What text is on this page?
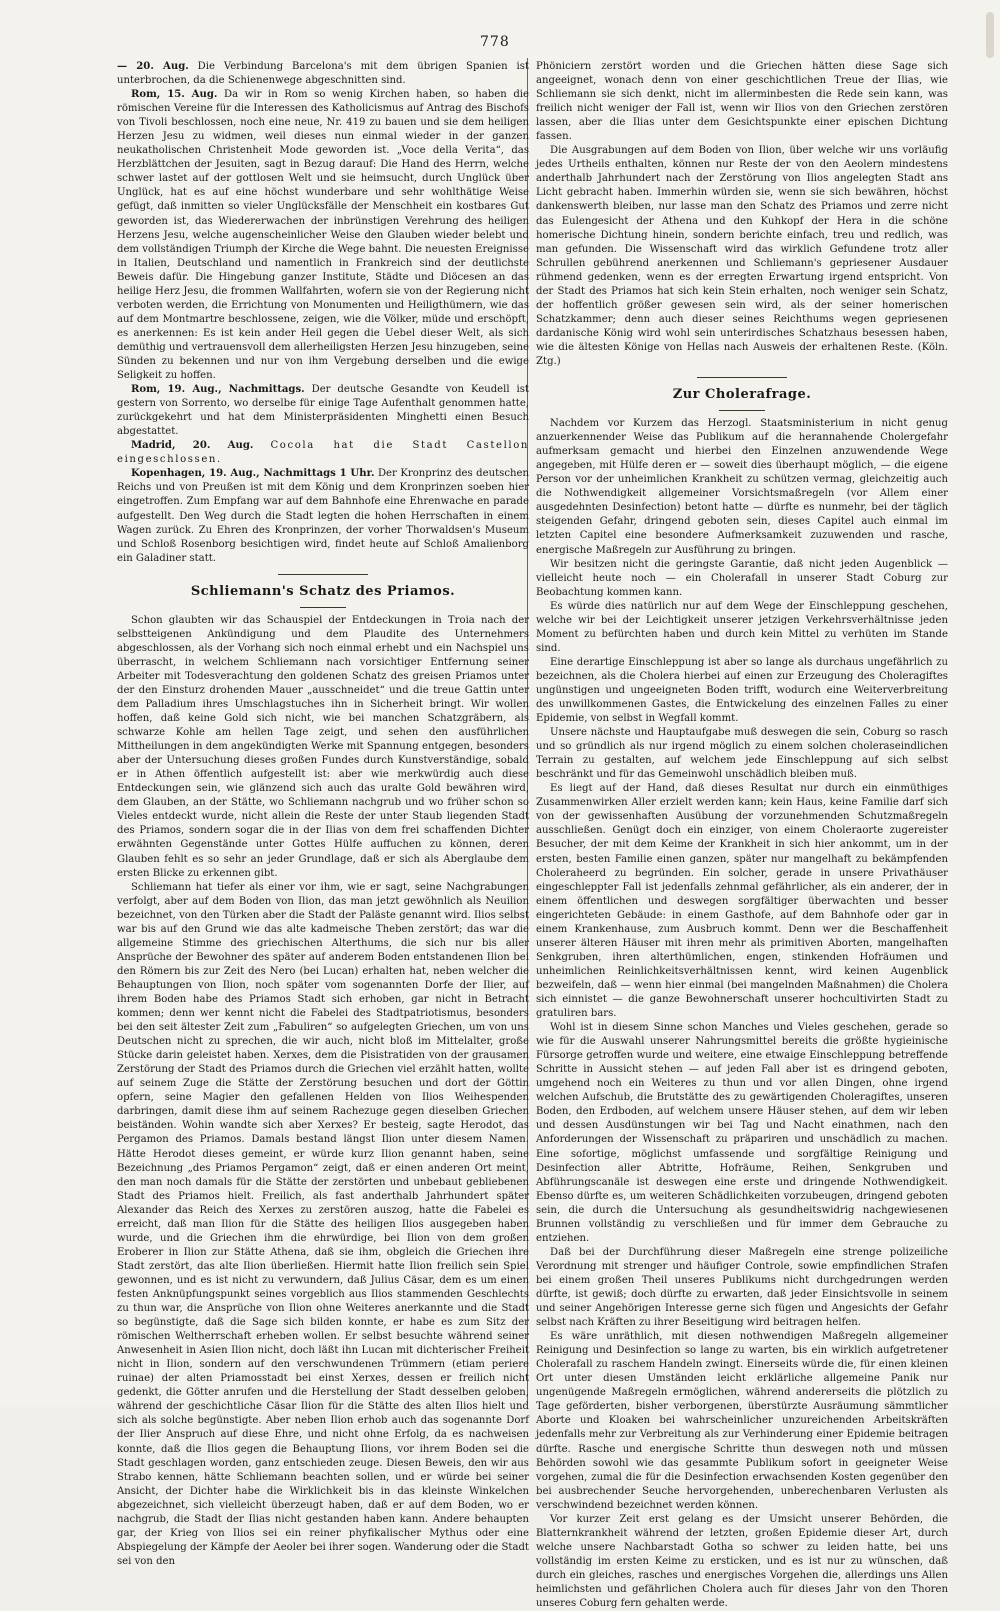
778

— 20. Aug. Die Verbindung Barcelona's mit dem übrigen Spanien ist unterbrochen, da die Schienenwege abgeschnitten sind.

Rom, 15. Aug. Da wir in Rom so wenig Kirchen haben, so haben die römischen Vereine für die Interessen des Katholicismus auf Antrag des Bischofs von Tivoli beschlossen, noch eine neue, Nr. 419 zu bauen und sie dem heiligen Herzen Jesu zu widmen, weil dieses nun einmal wieder in der ganzen neukatholischen Christenheit Mode geworden ist. „Voce della Verita“, das Herzblättchen der Jesuiten, sagt in Bezug darauf: Die Hand des Herrn, welche schwer lastet auf der gottlosen Welt und sie heimsucht, durch Unglück über Unglück, hat es auf eine höchst wunderbare und sehr wohlthätige Weise gefügt, daß inmitten so vieler Unglücksfälle der Menschheit ein kostbares Gut geworden ist, das Wiedererwachen der inbrünstigen Verehrung des heiligen Herzens Jesu, welche augenscheinlicher Weise den Glauben wieder belebt und dem vollständigen Triumph der Kirche die Wege bahnt. Die neuesten Ereignisse in Italien, Deutschland und namentlich in Frankreich sind der deutlichste Beweis dafür. Die Hingebung ganzer Institute, Städte und Diöcesen an das heilige Herz Jesu, die frommen Wallfahrten, wofern sie von der Regierung nicht verboten werden, die Errichtung von Monumenten und Heiligthümern, wie das auf dem Montmartre beschlossene, zeigen, wie die Völker, müde und erschöpft, es anerkennen: Es ist kein ander Heil gegen die Uebel dieser Welt, als sich demüthig und vertrauensvoll dem allerheiligsten Herzen Jesu hinzugeben, seine Sünden zu bekennen und nur von ihm Vergebung derselben und die ewige Seligkeit zu hoffen.

Rom, 19. Aug., Nachmittags. Der deutsche Gesandte von Keudell ist gestern von Sorrento, wo derselbe für einige Tage Aufenthalt genommen hatte, zurückgekehrt und hat dem Ministerpräsidenten Minghetti einen Besuch abgestattet.

Madrid, 20. Aug. Cocola hat die Stadt Castellon eingeschlossen.

Kopenhagen, 19. Aug., Nachmittags 1 Uhr. Der Kronprinz des deutschen Reichs und von Preußen ist mit dem König und dem Kronprinzen soeben hier eingetroffen. Zum Empfang war auf dem Bahnhofe eine Ehrenwache en parade aufgestellt. Den Weg durch die Stadt legten die hohen Herrschaften in einem Wagen zurück. Zu Ehren des Kronprinzen, der vorher Thorwaldsen's Museum und Schloß Rosenborg besichtigen wird, findet heute auf Schloß Amalienborg ein Galadiner statt.

Schliemann's Schatz des Priamos.

Schon glaubten wir das Schauspiel der Entdeckungen in Troia nach der selbstteigenen Ankündigung und dem Plaudite des Unternehmers abgeschlossen, als der Vorhang sich noch einmal erhebt und ein Nachspiel uns überrascht, in welchem Schliemann nach vorsichtiger Entfernung seiner Arbeiter mit Todesverachtung den goldenen Schatz des greisen Priamos unter der den Einsturz drohenden Mauer „ausschneidet“ und die treue Gattin unter dem Palladium ihres Umschlagstuches ihn in Sicherheit bringt. Wir wollen hoffen, daß keine Gold sich nicht, wie bei manchen Schatzgräbern, als schwarze Kohle am hellen Tage zeigt, und sehen den ausführlichen Mittheilungen in dem angekündigten Werke mit Spannung entgegen, besonders aber der Untersuchung dieses großen Fundes durch Kunstverständige, sobald er in Athen öffentlich aufgestellt ist: aber wie merkwürdig auch diese Entdeckungen sein, wie glänzend sich auch das uralte Gold bewähren wird, dem Glauben, an der Stätte, wo Schliemann nachgrub und wo früher schon so Vieles entdeckt wurde, nicht allein die Reste der unter Staub liegenden Stadt des Priamos, sondern sogar die in der Ilias von dem frei schaffenden Dichter erwähnten Gegenstände unter Gottes Hülfe auffuchen zu können, deren Glauben fehlt es so sehr an jeder Grundlage, daß er sich als Aberglaube dem ersten Blicke zu erkennen gibt.

Schliemann hat tiefer als einer vor ihm, wie er sagt, seine Nachgrabungen verfolgt, aber auf dem Boden von Ilion, das man jetzt gewöhnlich als Neuilion bezeichnet, von den Türken aber die Stadt der Paläste genannt wird. Ilios selbst war bis auf den Grund wie das alte kadmeische Theben zerstört; das war die allgemeine Stimme des griechischen Alterthums, die sich nur bis aller Ansprüche der Bewohner des später auf anderem Boden entstandenen Ilion bei den Römern bis zur Zeit des Nero (bei Lucan) erhalten hat, neben welcher die Behauptungen von Ilion, noch später vom sogenannten Dorfe der Ilier, auf ihrem Boden habe des Priamos Stadt sich erhoben, gar nicht in Betracht kommen; denn wer kennt nicht die Fabelei des Stadtpatriotismus, besonders bei den seit ältester Zeit zum „Fabuliren“ so aufgelegten Griechen, um von uns Deutschen nicht zu sprechen, die wir auch, nicht bloß im Mittelalter, große Stücke darin geleistet haben. Xerxes, dem die Pisistratiden von der grausamen Zerstörung der Stadt des Priamos durch die Griechen viel erzählt hatten, wollte auf seinem Zuge die Stätte der Zerstörung besuchen und dort der Göttin opfern, seine Magier den gefallenen Helden von Ilios Weihespenden darbringen, damit diese ihm auf seinem Rachezuge gegen dieselben Griechen beiständen. Wohin wandte sich aber Xerxes? Er besteig, sagte Herodot, das Pergamon des Priamos. Damals bestand längst Ilion unter diesem Namen. Hätte Herodot dieses gemeint, er würde kurz Ilion genannt haben, seine Bezeichnung „des Priamos Pergamon“ zeigt, daß er einen anderen Ort meint, den man noch damals für die Stätte der zerstörten und unbebaut gebliebenen Stadt des Priamos hielt. Freilich, als fast anderthalb Jahrhundert später Alexander das Reich des Xerxes zu zerstören auszog, hatte die Fabelei es erreicht, daß man Ilion für die Stätte des heiligen Ilios ausgegeben haben wurde, und die Griechen ihm die ehrwürdige, bei Ilion von dem großen Eroberer in Ilion zur Stätte Athena, daß sie ihm, obgleich die Griechen ihre Stadt zerstört, das alte Ilion überließen. Hiermit hatte Ilion freilich sein Spiel gewonnen, und es ist nicht zu verwundern, daß Julius Cäsar, dem es um einen festen Anknüpfungspunkt seines vorgeblich aus Ilios stammenden Geschlechts zu thun war, die Ansprüche von Ilion ohne Weiteres anerkannte und die Stadt so begünstigte, daß die Sage sich bilden konnte, er habe es zum Sitz der römischen Weltherrschaft erheben wollen. Er selbst besuchte während seiner Anwesenheit in Asien Ilion nicht, doch läßt ihn Lucan mit dichterischer Freiheit nicht in Ilion, sondern auf den verschwundenen Trümmern (etiam periere ruinae) der alten Priamosstadt bei einst Xerxes, dessen er freilich nicht gedenkt, die Götter anrufen und die Herstellung der Stadt desselben geloben, während der geschichtliche Cäsar Ilion für die Stätte des alten Ilios hielt und sich als solche begünstigte. Aber neben Ilion erhob auch das sogenannte Dorf der Ilier Anspruch auf diese Ehre, und nicht ohne Erfolg, da es nachweisen konnte, daß die Ilios gegen die Behauptung Ilions, vor ihrem Boden sei die Stadt geschlagen worden, ganz entschieden zeuge. Diesen Beweis, den wir aus Strabo kennen, hätte Schliemann beachten sollen, und er würde bei seiner Ansicht, der Dichter habe die Wirklichkeit bis in das kleinste Winkelchen abgezeichnet, sich vielleicht überzeugt haben, daß er auf dem Boden, wo er nachgrub, die Stadt der Ilias nicht gestanden haben kann. Andere behaupten gar, der Krieg von Ilios sei ein reiner phyfikalischer Mythus oder eine Abspiegelung der Kämpfe der Aeoler bei ihrer sogen. Wanderung oder die Stadt sei von den

Phöniciern zerstört worden und die Griechen hätten diese Sage sich angeeignet, wonach denn von einer geschichtlichen Treue der Ilias, wie Schliemann sie sich denkt, nicht im allerminbesten die Rede sein kann, was freilich nicht weniger der Fall ist, wenn wir Ilios von den Griechen zerstören lassen, aber die Ilias unter dem Gesichtspunkte einer epischen Dichtung fassen.

Die Ausgrabungen auf dem Boden von Ilion, über welche wir uns vorläufig jedes Urtheils enthalten, können nur Reste der von den Aeolern mindestens anderthalb Jahrhundert nach der Zerstörung von Ilios angelegten Stadt ans Licht gebracht haben. Immerhin würden sie, wenn sie sich bewähren, höchst dankenswerth bleiben, nur lasse man den Schatz des Priamos und zerre nicht das Eulengesicht der Athena und den Kuhkopf der Hera in die schöne homerische Dichtung hinein, sondern berichte einfach, treu und redlich, was man gefunden. Die Wissenschaft wird das wirklich Gefundene trotz aller Schrullen gebührend anerkennen und Schliemann's gepriesener Ausdauer rühmend gedenken, wenn es der erregten Erwartung irgend entspricht. Von der Stadt des Priamos hat sich kein Stein erhalten, noch weniger sein Schatz, der hoffentlich größer gewesen sein wird, als der seiner homerischen Schatzkammer; denn auch dieser seines Reichthums wegen gepriesenen dardanische König wird wohl sein unterirdisches Schatzhaus besessen haben, wie die ältesten Könige von Hellas nach Ausweis der erhaltenen Reste. (Köln. Ztg.)

Zur Cholerafrage.

Nachdem vor Kurzem das Herzogl. Staatsministerium in nicht genug anzuerkennender Weise das Publikum auf die herannahende Cholergefahr aufmerksam gemacht und hierbei den Einzelnen anzuwendende Wege angegeben, mit Hülfe deren er — soweit dies überhaupt möglich, — die eigene Person vor der unheimlichen Krankheit zu schützen vermag, gleichzeitig auch die Nothwendigkeit allgemeiner Vorsichtsmaßregeln (vor Allem einer ausgedehnten Desinfection) betont hatte — dürfte es nunmehr, bei der täglich steigenden Gefahr, dringend geboten sein, dieses Capitel auch einmal im letzten Capitel eine besondere Aufmerksamkeit zuzuwenden und rasche, energische Maßregeln zur Ausführung zu bringen.

Wir besitzen nicht die geringste Garantie, daß nicht jeden Augenblick — vielleicht heute noch — ein Cholerafall in unserer Stadt Coburg zur Beobachtung kommen kann.

Es würde dies natürlich nur auf dem Wege der Einschleppung geschehen, welche wir bei der Leichtigkeit unserer jetzigen Verkehrsverhältnisse jeden Moment zu befürchten haben und durch kein Mittel zu verhüten im Stande sind.

Eine derartige Einschleppung ist aber so lange als durchaus ungefährlich zu bezeichnen, als die Cholera hierbei auf einen zur Erzeugung des Choleragiftes ungünstigen und ungeeigneten Boden trifft, wodurch eine Weiterverbreitung des unwillkommenen Gastes, die Entwickelung des einzelnen Falles zu einer Epidemie, von selbst in Wegfall kommt.

Unsere nächste und Hauptaufgabe muß deswegen die sein, Coburg so rasch und so gründlich als nur irgend möglich zu einem solchen choleraseindlichen Terrain zu gestalten, auf welchem jede Einschleppung auf sich selbst beschränkt und für das Gemeinwohl unschädlich bleiben muß.

Es liegt auf der Hand, daß dieses Resultat nur durch ein einmüthiges Zusammenwirken Aller erzielt werden kann; kein Haus, keine Familie darf sich von der gewissenhaften Ausübung der vorzunehmenden Schutzmaßregeln ausschließen. Genügt doch ein einziger, von einem Choleraorte zugereister Besucher, der mit dem Keime der Krankheit in sich hier ankommt, um in der ersten, besten Familie einen ganzen, später nur mangelhaft zu bekämpfenden Choleraheerd zu begründen. Ein solcher, gerade in unsere Privathäuser eingeschleppter Fall ist jedenfalls zehnmal gefährlicher, als ein anderer, der in einem öffentlichen und deswegen sorgfältiger überwachten und besser eingerichteten Gebäude: in einem Gasthofe, auf dem Bahnhofe oder gar in einem Krankenhause, zum Ausbruch kommt. Denn wer die Beschaffenheit unserer älteren Häuser mit ihren mehr als primitiven Aborten, mangelhaften Senkgruben, ihren alterthümlichen, engen, stinkenden Hofräumen und unheimlichen Reinlichkeitsverhältnissen kennt, wird keinen Augenblick bezweifeln, daß — wenn hier einmal (bei mangelnden Maßnahmen) die Cholera sich einnistet — die ganze Bewohnerschaft unserer hochcultivirten Stadt zu gratuliren bars.

Wohl ist in diesem Sinne schon Manches und Vieles geschehen, gerade so wie für die Auswahl unserer Nahrungsmittel bereits die größte hygieinische Fürsorge getroffen wurde und weitere, eine etwaige Einschleppung betreffende Schritte in Aussicht stehen — auf jeden Fall aber ist es dringend geboten, umgehend noch ein Weiteres zu thun und vor allen Dingen, ohne irgend welchen Aufschub, die Brutstätte des zu gewärtigenden Choleragiftes, unseren Boden, den Erdboden, auf welchem unsere Häuser stehen, auf dem wir leben und dessen Ausdünstungen wir bei Tag und Nacht einathmen, nach den Anforderungen der Wissenschaft zu präpariren und unschädlich zu machen. Eine sofortige, möglichst umfassende und sorgfältige Reinigung und Desinfection aller Abtritte, Hofräume, Reihen, Senkgruben und Abführungscanäle ist deswegen eine erste und dringende Nothwendigkeit. Ebenso dürfte es, um weiteren Schädlichkeiten vorzubeugen, dringend geboten sein, die durch die Untersuchung als gesundheitswidrig nachgewiesenen Brunnen vollständig zu verschließen und für immer dem Gebrauche zu entziehen.

Daß bei der Durchführung dieser Maßregeln eine strenge polizeiliche Verordnung mit strenger und häufiger Controle, sowie empfindlichen Strafen bei einem großen Theil unseres Publikums nicht durchgedrungen werden dürfte, ist gewiß; doch dürfte zu erwarten, daß jeder Einsichtsvolle in seinem und seiner Angehörigen Interesse gerne sich fügen und Angesichts der Gefahr selbst nach Kräften zu ihrer Beseitigung wird beitragen helfen.

Es wäre unräthlich, mit diesen nothwendigen Maßregeln allgemeiner Reinigung und Desinfection so lange zu warten, bis ein wirklich aufgetretener Cholerafall zu raschem Handeln zwingt. Einerseits würde die, für einen kleinen Ort unter diesen Umständen leicht erklärliche allgemeine Panik nur ungenügende Maßregeln ermöglichen, während andererseits die plötzlich zu Tage geförderten, bisher verborgenen, überstürzte Ausräumung sämmtlicher Aborte und Kloaken bei wahrscheinlicher unzureichenden Arbeitskräften jedenfalls mehr zur Verbreitung als zur Verhinderung einer Epidemie beitragen dürfte. Rasche und energische Schritte thun deswegen noth und müssen Behörden sowohl wie das gesammte Publikum sofort in geeigneter Weise vorgehen, zumal die für die Desinfection erwachsenden Kosten gegenüber den bei ausbrechender Seuche hervorgehenden, unberechenbaren Verlusten als verschwindend bezeichnet werden können.

Vor kurzer Zeit erst gelang es der Umsicht unserer Behörden, die Blatternkrankheit während der letzten, großen Epidemie dieser Art, durch welche unsere Nachbarstadt Gotha so schwer zu leiden hatte, bei uns vollständig im ersten Keime zu ersticken, und es ist nur zu wünschen, daß durch ein gleiches, rasches und energisches Vorgehen die, allerdings uns Allen heimlichsten und gefährlichen Cholera auch für dieses Jahr von den Thoren unseres Coburg fern gehalten werde.
